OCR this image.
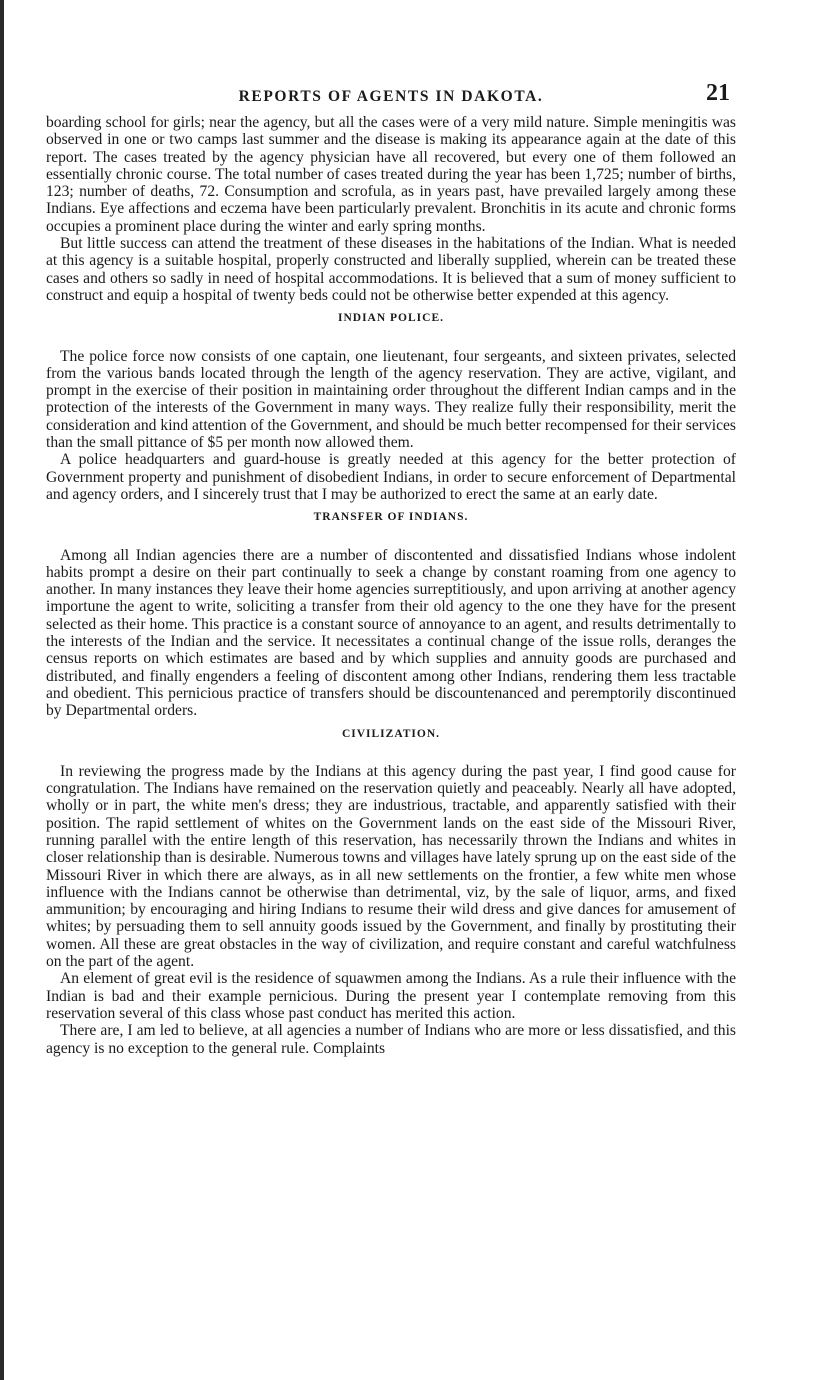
REPORTS OF AGENTS IN DAKOTA.	21

boarding school for girls; near the agency, but all the cases were of a very mild nature. Simple meningitis was observed in one or two camps last summer and the disease is making its appearance again at the date of this report. The cases treated by the agency physician have all recovered, but every one of them followed an essentially chronic course. The total number of cases treated during the year has been 1,725; number of births, 123; number of deaths, 72. Consumption and scrofula, as in years past, have prevailed largely among these Indians. Eye affections and eczema have been particularly prevalent. Bronchitis in its acute and chronic forms occupies a prominent place during the winter and early spring months.

But little success can attend the treatment of these diseases in the habitations of the Indian. What is needed at this agency is a suitable hospital, properly constructed and liberally supplied, wherein can be treated these cases and others so sadly in need of hospital accommodations. It is believed that a sum of money sufficient to construct and equip a hospital of twenty beds could not be otherwise better expended at this agency.

INDIAN POLICE.

The police force now consists of one captain, one lieutenant, four sergeants, and sixteen privates, selected from the various bands located through the length of the agency reservation. They are active, vigilant, and prompt in the exercise of their position in maintaining order throughout the different Indian camps and in the protection of the interests of the Government in many ways. They realize fully their responsibility, merit the consideration and kind attention of the Government, and should be much better recompensed for their services than the small pittance of $5 per month now allowed them.

A police headquarters and guard-house is greatly needed at this agency for the better protection of Government property and punishment of disobedient Indians, in order to secure enforcement of Departmental and agency orders, and I sincerely trust that I may be authorized to erect the same at an early date.

TRANSFER OF INDIANS.

Among all Indian agencies there are a number of discontented and dissatisfied Indians whose indolent habits prompt a desire on their part continually to seek a change by constant roaming from one agency to another. In many instances they leave their home agencies surreptitiously, and upon arriving at another agency importune the agent to write, soliciting a transfer from their old agency to the one they have for the present selected as their home. This practice is a constant source of annoyance to an agent, and results detrimentally to the interests of the Indian and the service. It necessitates a continual change of the issue rolls, deranges the census reports on which estimates are based and by which supplies and annuity goods are purchased and distributed, and finally engenders a feeling of discontent among other Indians, rendering them less tractable and obedient. This pernicious practice of transfers should be discountenanced and peremptorily discontinued by Departmental orders.

CIVILIZATION.

In reviewing the progress made by the Indians at this agency during the past year, I find good cause for congratulation. The Indians have remained on the reservation quietly and peaceably. Nearly all have adopted, wholly or in part, the white men's dress; they are industrious, tractable, and apparently satisfied with their position. The rapid settlement of whites on the Government lands on the east side of the Missouri River, running parallel with the entire length of this reservation, has necessarily thrown the Indians and whites in closer relationship than is desirable. Numerous towns and villages have lately sprung up on the east side of the Missouri River in which there are always, as in all new settlements on the frontier, a few white men whose influence with the Indians cannot be otherwise than detrimental, viz, by the sale of liquor, arms, and fixed ammunition; by encouraging and hiring Indians to resume their wild dress and give dances for amusement of whites; by persuading them to sell annuity goods issued by the Government, and finally by prostituting their women. All these are great obstacles in the way of civilization, and require constant and careful watchfulness on the part of the agent.

An element of great evil is the residence of squawmen among the Indians. As a rule their influence with the Indian is bad and their example pernicious. During the present year I contemplate removing from this reservation several of this class whose past conduct has merited this action.

There are, I am led to believe, at all agencies a number of Indians who are more or less dissatisfied, and this agency is no exception to the general rule. Complaints
